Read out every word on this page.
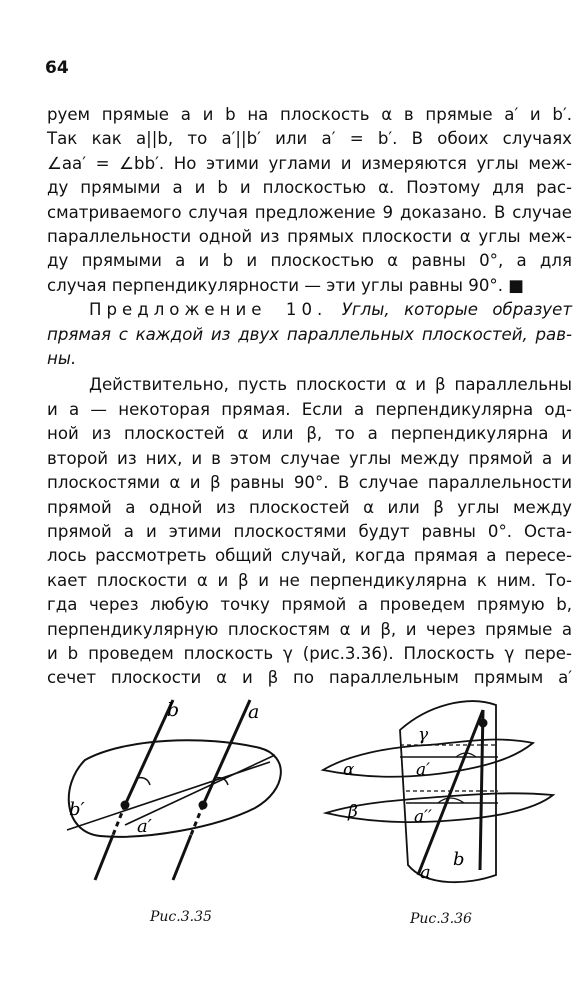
64
руем прямые a и b на плоскость α в прямые a′ и b′.
Так как a||b, то a′||b′ или a′ = b′. В обоих случаях
∠aa′ = ∠bb′. Но этими углами и измеряются углы меж-
ду прямыми a и b и плоскостью α. Поэтому для рас-
сматриваемого случая предложение 9 доказано. В случае
параллельности одной из прямых плоскости α углы меж-
ду прямыми a и b и плоскостью α равны 0°, а для
случая перпендикулярности — эти углы равны 90°. ■
Предложение 10. Углы, которые образует
прямая с каждой из двух параллельных плоскостей, рав-
ны.
Действительно, пусть плоскости α и β параллельны
и a — некоторая прямая. Если a перпендикулярна од-
ной из плоскостей α или β, то a перпендикулярна и
второй из них, и в этом случае углы между прямой a и
плоскостями α и β равны 90°. В случае параллельности
прямой a одной из плоскостей α или β углы между
прямой a и этими плоскостями будут равны 0°. Оста-
лось рассмотреть общий случай, когда прямая a пересе-
кает плоскости α и β и не перпендикулярна к ним. То-
гда через любую точку прямой a проведем прямую b,
перпендикулярную плоскостям α и β, и через прямые a
и b проведем плоскость γ (рис.3.36). Плоскость γ пере-
сечет плоскости α и β по параллельным прямым a′
b	a
b′
a′
Рис.3.35
γ
α
β
a′
a′′
b
a
Рис.3.36
